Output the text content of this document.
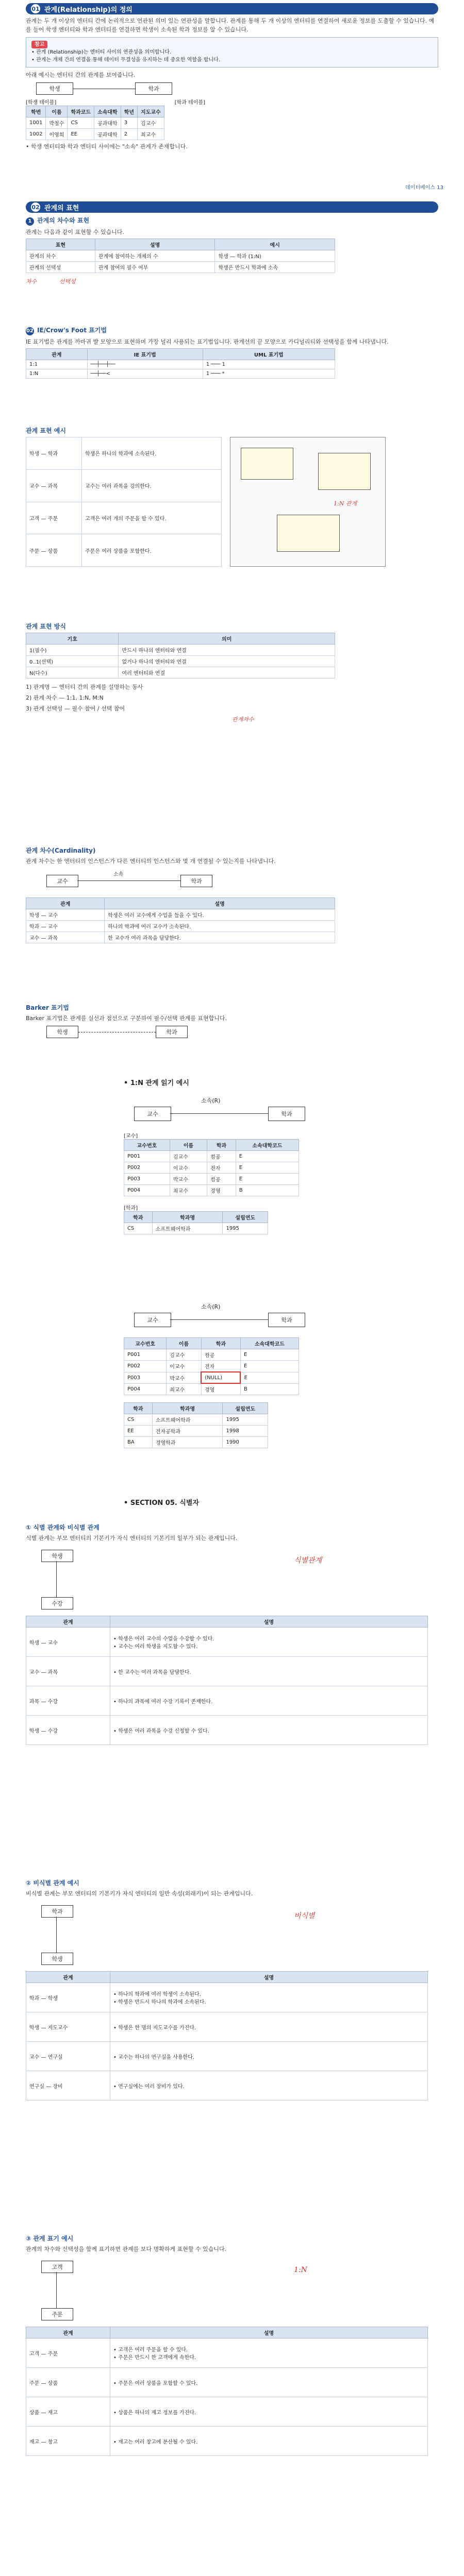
01 관계(Relationship)의 정의

관계는 두 개 이상의 엔터티 간에 논리적으로 연관된 의미 있는 연관성을 말합니다. 관계를 통해 두 개 이상의 엔터티를 연결하여 새로운 정보를 도출할 수 있습니다. 예를 들어 학생 엔터티와 학과 엔터티를 연결하면 학생이 소속된 학과 정보를 알 수 있습니다.

참고
• 관계 (Relationship)는 엔터티 사이의 연관성을 의미합니다.
• 관계는 개체 간의 연결을 통해 데이터 무결성을 유지하는 데 중요한 역할을 합니다.

아래 예시는 엔터티 간의 관계를 보여줍니다.

학생	학과
[학생 테이블]
학번	이름	학과코드	소속대학	학년	지도교수
1001	박철수	CS	공과대학	3	김교수
1002	이영희	EE	공과대학	2	최교수
[학과 테이블]

• 학생 엔터티와 학과 엔터티 사이에는 "소속" 관계가 존재합니다.

데이터베이스 13
02 관계의 표현
1 관계의 차수와 표현

관계는 다음과 같이 표현할 수 있습니다.

표현	설명	예시
관계의 차수	관계에 참여하는 개체의 수	학생 — 학과 (1:N)
관계의 선택성	관계 참여의 필수 여부	학생은 반드시 학과에 소속
차수	선택성
02 IE/Crow's Foot 표기법

IE 표기법은 관계를 까마귀 발 모양으로 표현하며 가장 널리 사용되는 표기법입니다. 관계선의 끝 모양으로 카디널리티와 선택성을 함께 나타냅니다.

관계	IE 표기법	UML 표기법
1:1	──┼──┼──	1 ─── 1
1:N	──┼──<	1 ─── *
관계 표현 예시
학생 — 학과	학생은 하나의 학과에 소속된다.
교수 — 과목	교수는 여러 과목을 강의한다.
고객 — 주문	고객은 여러 개의 주문을 할 수 있다.
주문 — 상품	주문은 여러 상품을 포함한다.
1:N 관계
관계 표현 방식
기호	의미
1(필수)	반드시 하나의 엔터티와 연결
0..1(선택)	없거나 하나의 엔터티와 연결
N(다수)	여러 엔터티와 연결

1) 관계명 — 엔터티 간의 관계를 설명하는 동사

2) 관계 차수 — 1:1, 1:N, M:N

3) 관계 선택성 — 필수 참여 / 선택 참여

관계차수
관계 차수(Cardinality)

관계 차수는 한 엔터티의 인스턴스가 다른 엔터티의 인스턴스와 몇 개 연결될 수 있는지를 나타냅니다.

교수
소속
학과
관계	설명
학생 — 교수	학생은 여러 교수에게 수업을 들을 수 있다.
학과 — 교수	하나의 학과에 여러 교수가 소속된다.
교수 — 과목	한 교수가 여러 과목을 담당한다.
Barker 표기법

Barker 표기법은 관계를 실선과 점선으로 구분하여 필수/선택 관계를 표현합니다.

학생	학과
• 1:N 관계 읽기 예시
교수
소속(R)
학과
[교수]
교수번호	이름	학과	소속대학코드
P001	김교수	컴공	E
P002	이교수	전자	E
P003	박교수	컴공	E
P004	최교수	경영	B
[학과]
학과	학과명	설립연도
CS	소프트웨어학과	1995
교수
소속(R)
학과
교수번호	이름	학과	소속대학코드
P001	김교수	컴공	E
P002	이교수	전자	E
P003	박교수	(NULL)	E
P004	최교수	경영	B
학과	학과명	설립연도
CS	소프트웨어학과	1995
EE	전자공학과	1998
BA	경영학과	1990
• SECTION 05. 식별자
① 식별 관계와 비식별 관계

식별 관계는 부모 엔터티의 기본키가 자식 엔터티의 기본키의 일부가 되는 관계입니다.

학생
수강
식별관계
관계	설명
학생 — 교수	• 학생은 여러 교수의 수업을 수강할 수 있다.
• 교수는 여러 학생을 지도할 수 있다.
교수 — 과목	• 한 교수는 여러 과목을 담당한다.
과목 — 수강	• 하나의 과목에 여러 수강 기록이 존재한다.
학생 — 수강	• 학생은 여러 과목을 수강 신청할 수 있다.
② 비식별 관계 예시

비식별 관계는 부모 엔터티의 기본키가 자식 엔터티의 일반 속성(외래키)이 되는 관계입니다.

학과
학생
비식별
관계	설명
학과 — 학생	• 하나의 학과에 여러 학생이 소속된다.
• 학생은 반드시 하나의 학과에 소속된다.
학생 — 지도교수	• 학생은 한 명의 지도교수를 가진다.
교수 — 연구실	• 교수는 하나의 연구실을 사용한다.
연구실 — 장비	• 연구실에는 여러 장비가 있다.
③ 관계 표기 예시

관계의 차수와 선택성을 함께 표기하면 관계를 보다 명확하게 표현할 수 있습니다.

고객
주문
1:N
관계	설명
고객 — 주문	• 고객은 여러 주문을 할 수 있다.
• 주문은 반드시 한 고객에게 속한다.
주문 — 상품	• 주문은 여러 상품을 포함할 수 있다.
상품 — 재고	• 상품은 하나의 재고 정보를 가진다.
재고 — 창고	• 재고는 여러 창고에 분산될 수 있다.
